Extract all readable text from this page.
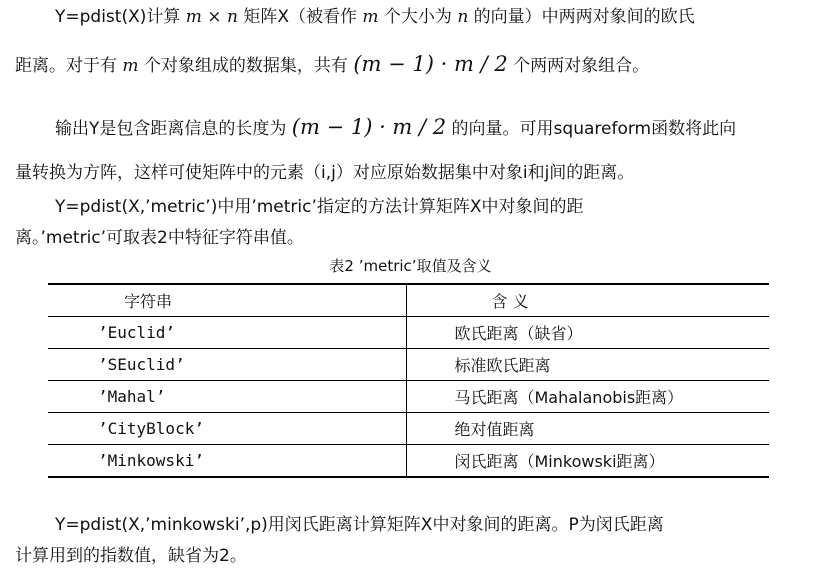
Y=pdist(X)计算 m × n 矩阵X（被看作 m 个大小为 n 的向量）中两两对象间的欧氏
距离。对于有 m 个对象组成的数据集，共有 (m − 1) · m / 2 个两两对象组合。
输出Y是包含距离信息的长度为 (m − 1) · m / 2 的向量。可用squareform函数将此向
量转换为方阵，这样可使矩阵中的元素（i,j）对应原始数据集中对象i和j间的距离。
Y=pdist(X,’metric’)中用’metric’指定的方法计算矩阵X中对象间的距
离。’metric’可取表2中特征字符串值。
表2 ’metric’取值及含义
字符串	含 义
’Euclid’	欧氏距离（缺省）
’SEuclid’	标准欧氏距离
’Mahal’	马氏距离（Mahalanobis距离）
’CityBlock’	绝对值距离
’Minkowski’	闵氏距离（Minkowski距离）
Y=pdist(X,’minkowski’,p)用闵氏距离计算矩阵X中对象间的距离。P为闵氏距离
计算用到的指数值，缺省为2。
